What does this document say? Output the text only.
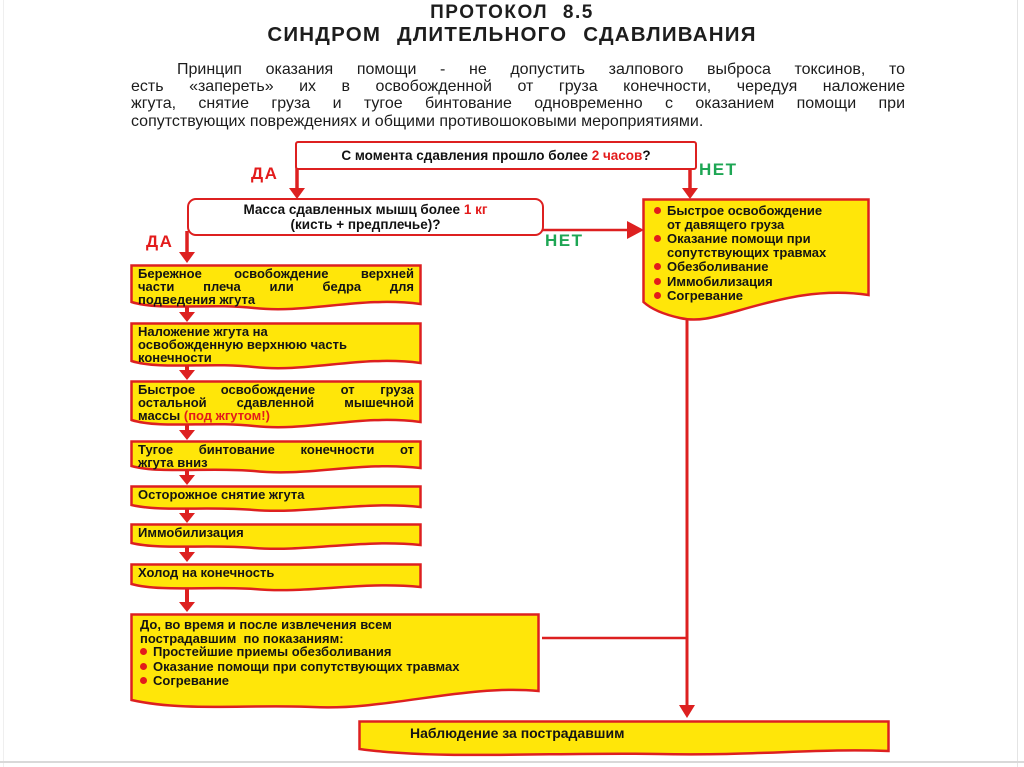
ПРОТОКОЛ 8.5
СИНДРОМ ДЛИТЕЛЬНОГО СДАВЛИВАНИЯ
Принцип оказания помощи - не допустить залпового выброса токсинов, то
есть «запереть» их в освобожденной от груза конечности, чередуя наложение
жгута, снятие груза и тугое бинтование одновременно с оказанием помощи при
сопутствующих повреждениях и общими противошоковыми мероприятиями.
С момента сдавления прошло более 2 часов?
ДА	НЕТ
Масса сдавленных мышц более 1 кг
(кисть + предплечье)?
ДА	НЕТ
Быстрое освобождение от давящего груза
Оказание помощи при сопутствующих травмах
Обезболивание
Иммобилизация
Согревание
Бережное освобождение верхней
части плеча или бедра для
подведения жгута
Наложение жгута на
освобожденную верхнюю часть
конечности
Быстрое освобождение от груза
остальной сдавленной мышечной
массы (под жгутом!)
Тугое бинтование конечности от
жгута вниз
Осторожное снятие жгута
Иммобилизация
Холод на конечность
До, во время и после извлечения всем
пострадавшим  по показаниям:
Простейшие приемы обезболивания
Оказание помощи при сопутствующих травмах
Согревание
Наблюдение за пострадавшим
